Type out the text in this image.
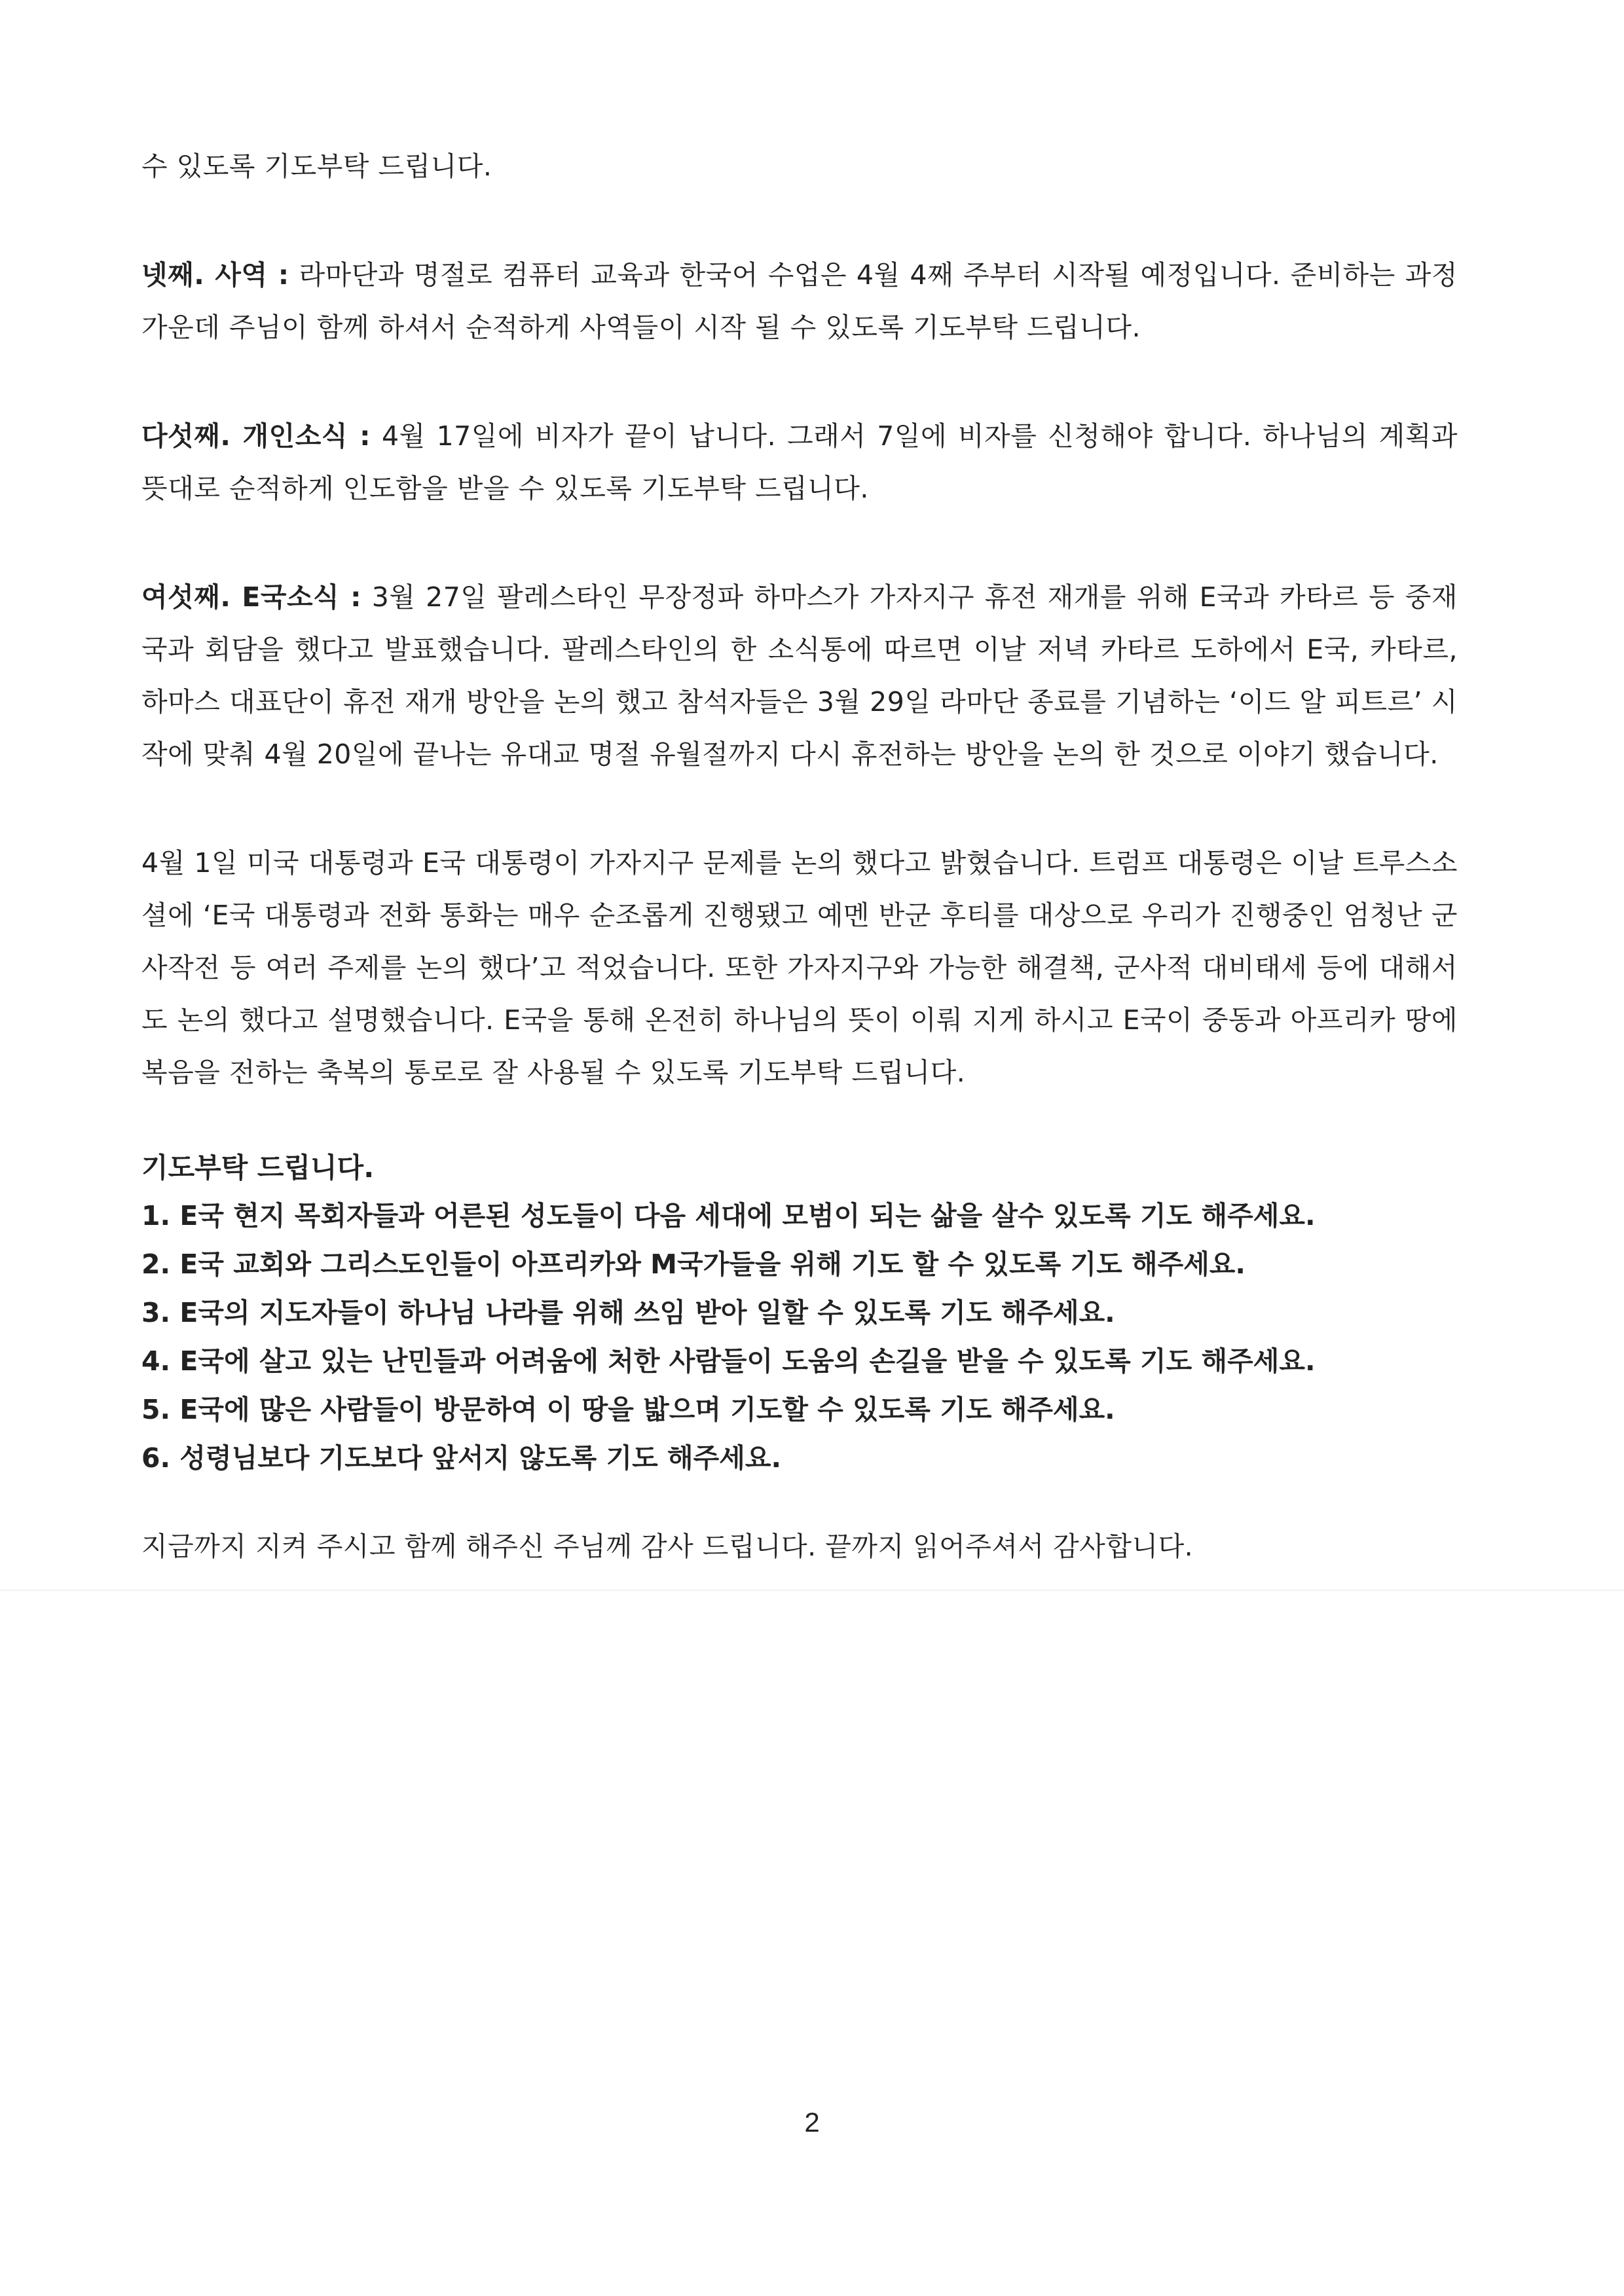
수 있도록 기도부탁 드립니다.

넷째. 사역 : 라마단과 명절로 컴퓨터 교육과 한국어 수업은 4월 4째 주부터 시작될 예정입니다. 준비하는 과정 가운데 주님이 함께 하셔서 순적하게 사역들이 시작 될 수 있도록 기도부탁 드립니다.

다섯째. 개인소식 : 4월 17일에 비자가 끝이 납니다. 그래서 7일에 비자를 신청해야 합니다. 하나님의 계획과 뜻대로 순적하게 인도함을 받을 수 있도록 기도부탁 드립니다.

여섯째. E국소식 : 3월 27일 팔레스타인 무장정파 하마스가 가자지구 휴전 재개를 위해 E국과 카타르 등 중재국과 회담을 했다고 발표했습니다. 팔레스타인의 한 소식통에 따르면 이날 저녁 카타르 도하에서 E국, 카타르, 하마스 대표단이 휴전 재개 방안을 논의 했고 참석자들은 3월 29일 라마단 종료를 기념하는 ‘이드 알 피트르’ 시작에 맞춰 4월 20일에 끝나는 유대교 명절 유월절까지 다시 휴전하는 방안을 논의 한 것으로 이야기 했습니다.

4월 1일 미국 대통령과 E국 대통령이 가자지구 문제를 논의 했다고 밝혔습니다. 트럼프 대통령은 이날 트루스소셜에 ‘E국 대통령과 전화 통화는 매우 순조롭게 진행됐고 예멘 반군 후티를 대상으로 우리가 진행중인 엄청난 군사작전 등 여러 주제를 논의 했다’고 적었습니다. 또한 가자지구와 가능한 해결책, 군사적 대비태세 등에 대해서도 논의 했다고 설명했습니다. E국을 통해 온전히 하나님의 뜻이 이뤄 지게 하시고 E국이 중동과 아프리카 땅에 복음을 전하는 축복의 통로로 잘 사용될 수 있도록 기도부탁 드립니다.

기도부탁 드립니다.
1. E국 현지 목회자들과 어른된 성도들이 다음 세대에 모범이 되는 삶을 살수 있도록 기도 해주세요.
2. E국 교회와 그리스도인들이 아프리카와 M국가들을 위해 기도 할 수 있도록 기도 해주세요.
3. E국의 지도자들이 하나님 나라를 위해 쓰임 받아 일할 수 있도록 기도 해주세요.
4. E국에 살고 있는 난민들과 어려움에 처한 사람들이 도움의 손길을 받을 수 있도록 기도 해주세요.
5. E국에 많은 사람들이 방문하여 이 땅을 밟으며 기도할 수 있도록 기도 해주세요.
6. 성령님보다 기도보다 앞서지 않도록 기도 해주세요.

지금까지 지켜 주시고 함께 해주신 주님께 감사 드립니다. 끝까지 읽어주셔서 감사합니다.

2
